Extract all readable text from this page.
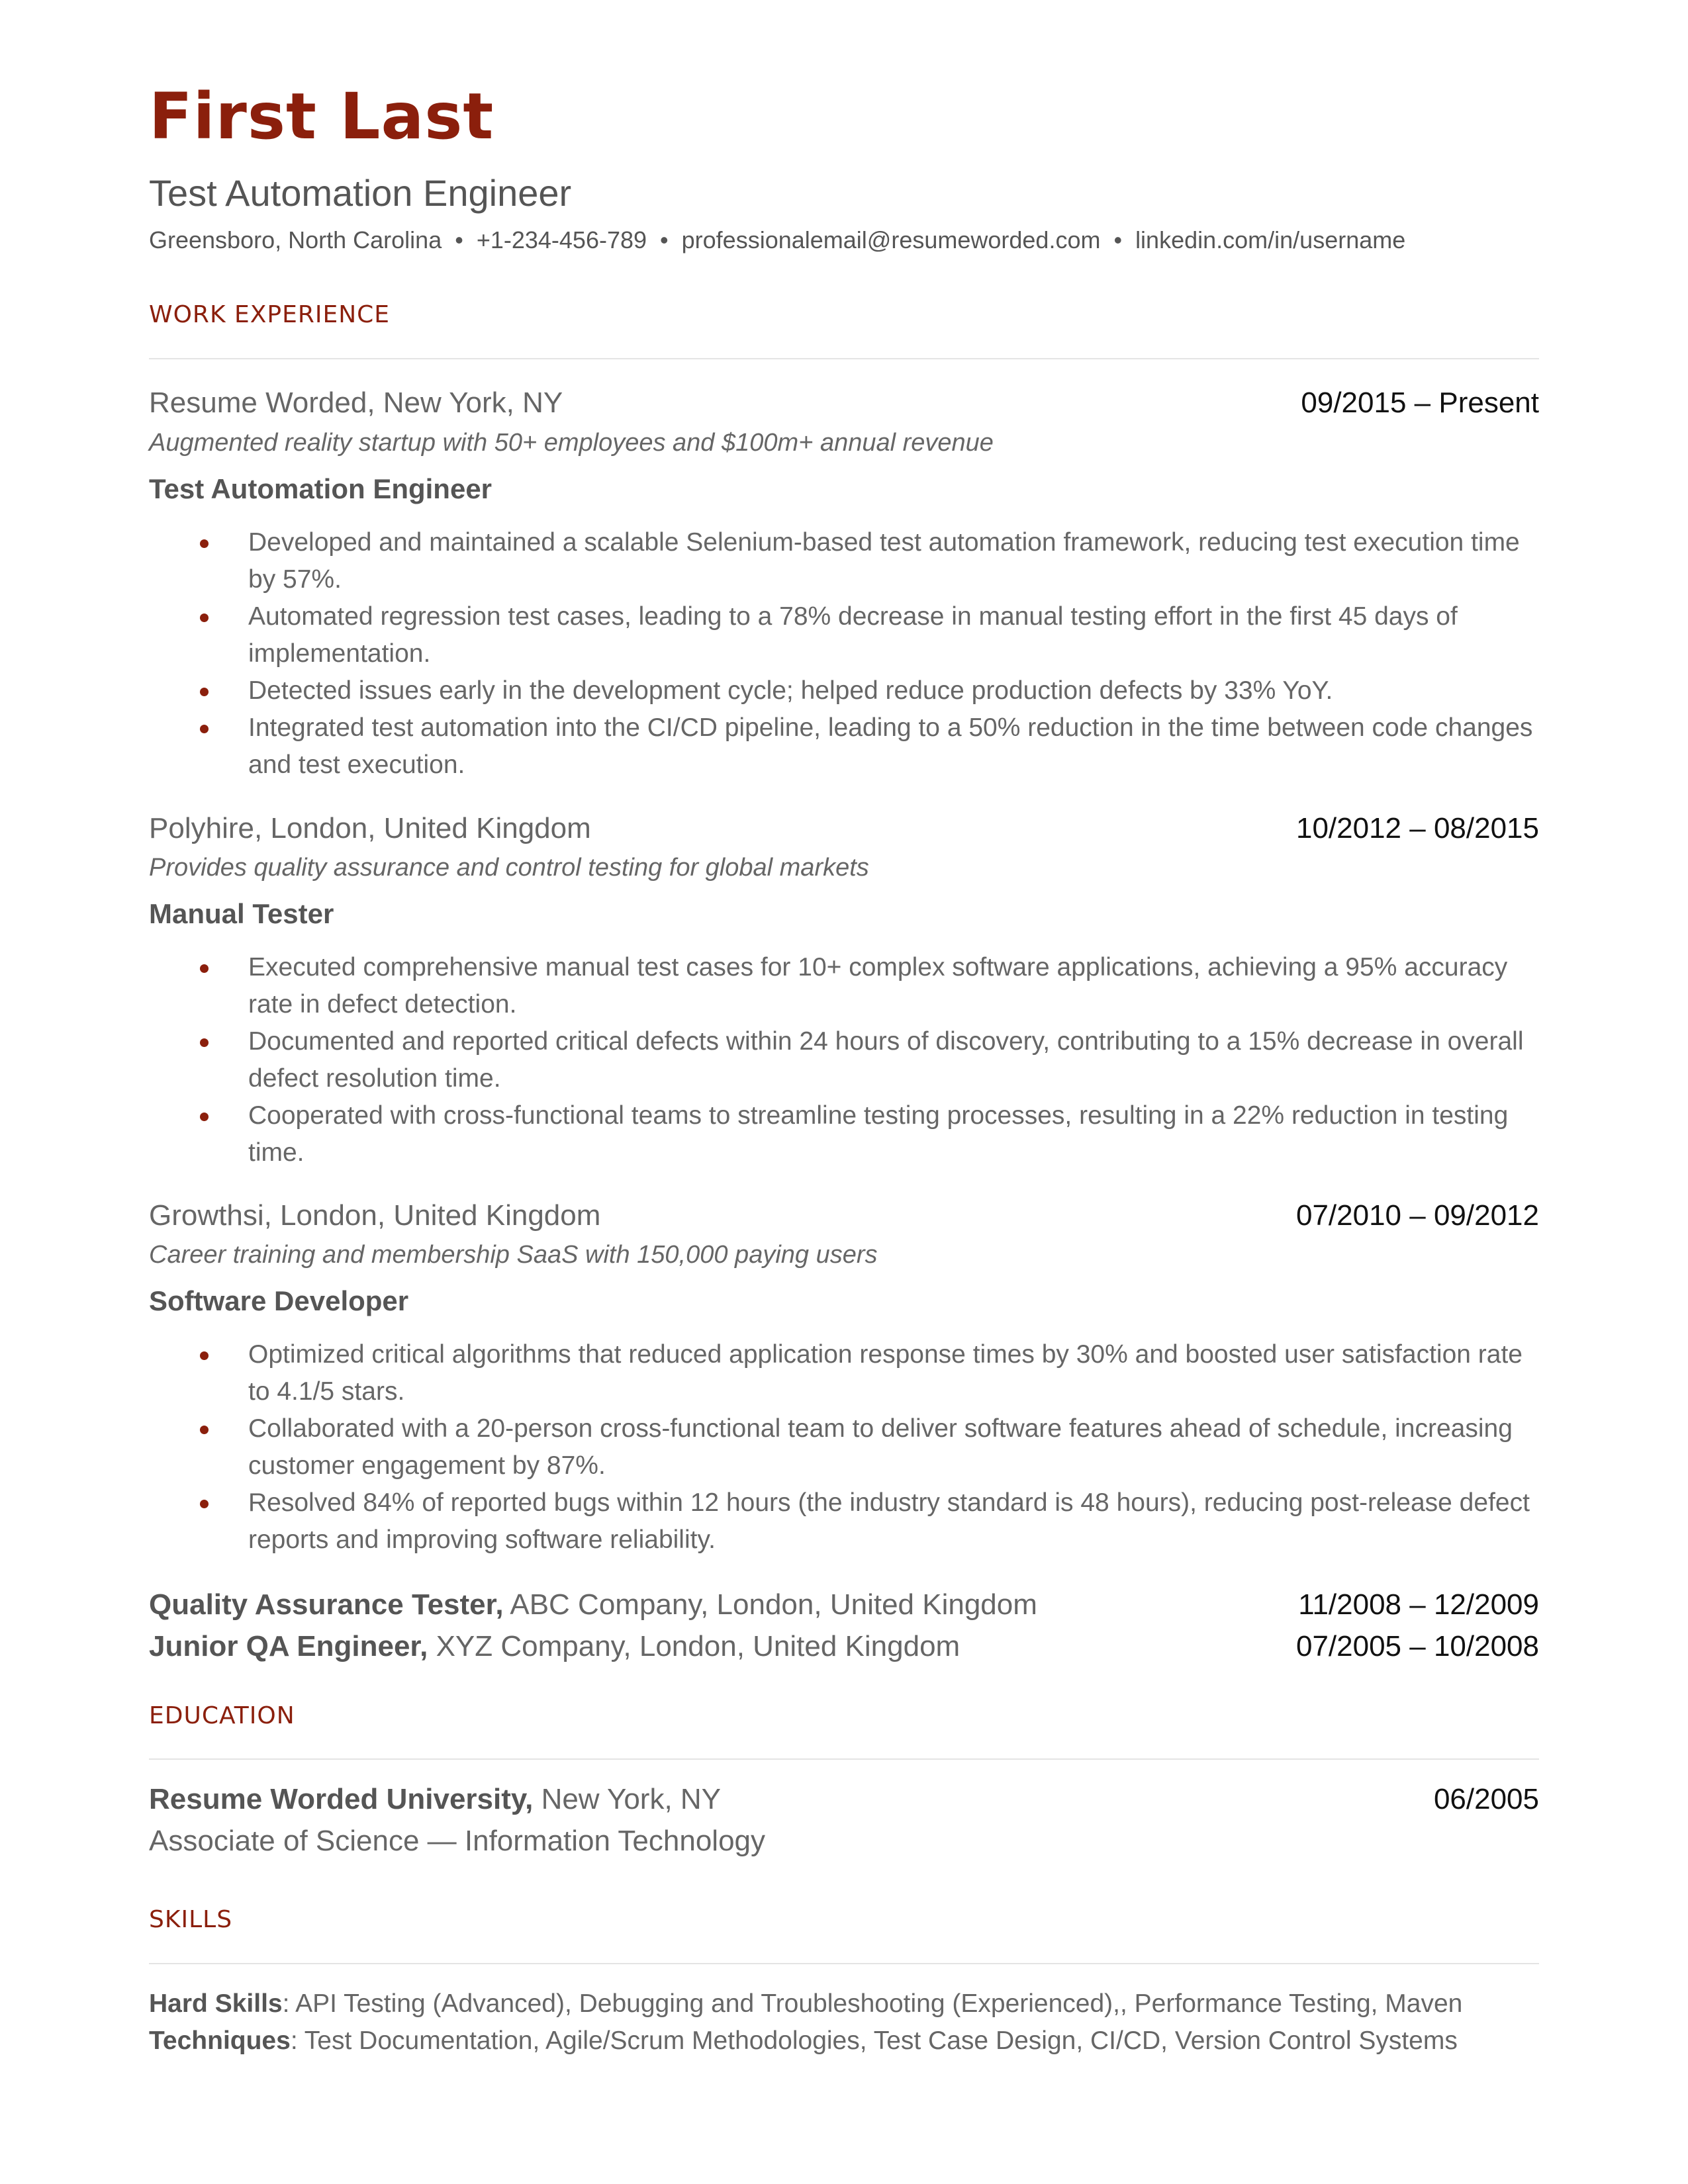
First Last
Test Automation Engineer
Greensboro, North Carolina • +1-234-456-789 • professionalemail@resumeworded.com • linkedin.com/in/username
WORK EXPERIENCE
Resume Worded, New York, NY	09/2015 – Present
Augmented reality startup with 50+ employees and $100m+ annual revenue
Test Automation Engineer
Developed and maintained a scalable Selenium-based test automation framework, reducing test execution time by 57%.
Automated regression test cases, leading to a 78% decrease in manual testing effort in the first 45 days of implementation.
Detected issues early in the development cycle; helped reduce production defects by 33% YoY.
Integrated test automation into the CI/CD pipeline, leading to a 50% reduction in the time between code changes and test execution.
Polyhire, London, United Kingdom	10/2012 – 08/2015
Provides quality assurance and control testing for global markets
Manual Tester
Executed comprehensive manual test cases for 10+ complex software applications, achieving a 95% accuracy rate in defect detection.
Documented and reported critical defects within 24 hours of discovery, contributing to a 15% decrease in overall defect resolution time.
Cooperated with cross-functional teams to streamline testing processes, resulting in a 22% reduction in testing time.
Growthsi, London, United Kingdom	07/2010 – 09/2012
Career training and membership SaaS with 150,000 paying users
Software Developer
Optimized critical algorithms that reduced application response times by 30% and boosted user satisfaction rate to 4.1/5 stars.
Collaborated with a 20-person cross-functional team to deliver software features ahead of schedule, increasing customer engagement by 87%.
Resolved 84% of reported bugs within 12 hours (the industry standard is 48 hours), reducing post-release defect reports and improving software reliability.
Quality Assurance Tester, ABC Company, London, United Kingdom	11/2008 – 12/2009
Junior QA Engineer, XYZ Company, London, United Kingdom	07/2005 – 10/2008
EDUCATION
Resume Worded University, New York, NY	06/2005
Associate of Science — Information Technology
SKILLS
Hard Skills: API Testing (Advanced), Debugging and Troubleshooting (Experienced),, Performance Testing, Maven
Techniques: Test Documentation, Agile/Scrum Methodologies, Test Case Design, CI/CD, Version Control Systems
